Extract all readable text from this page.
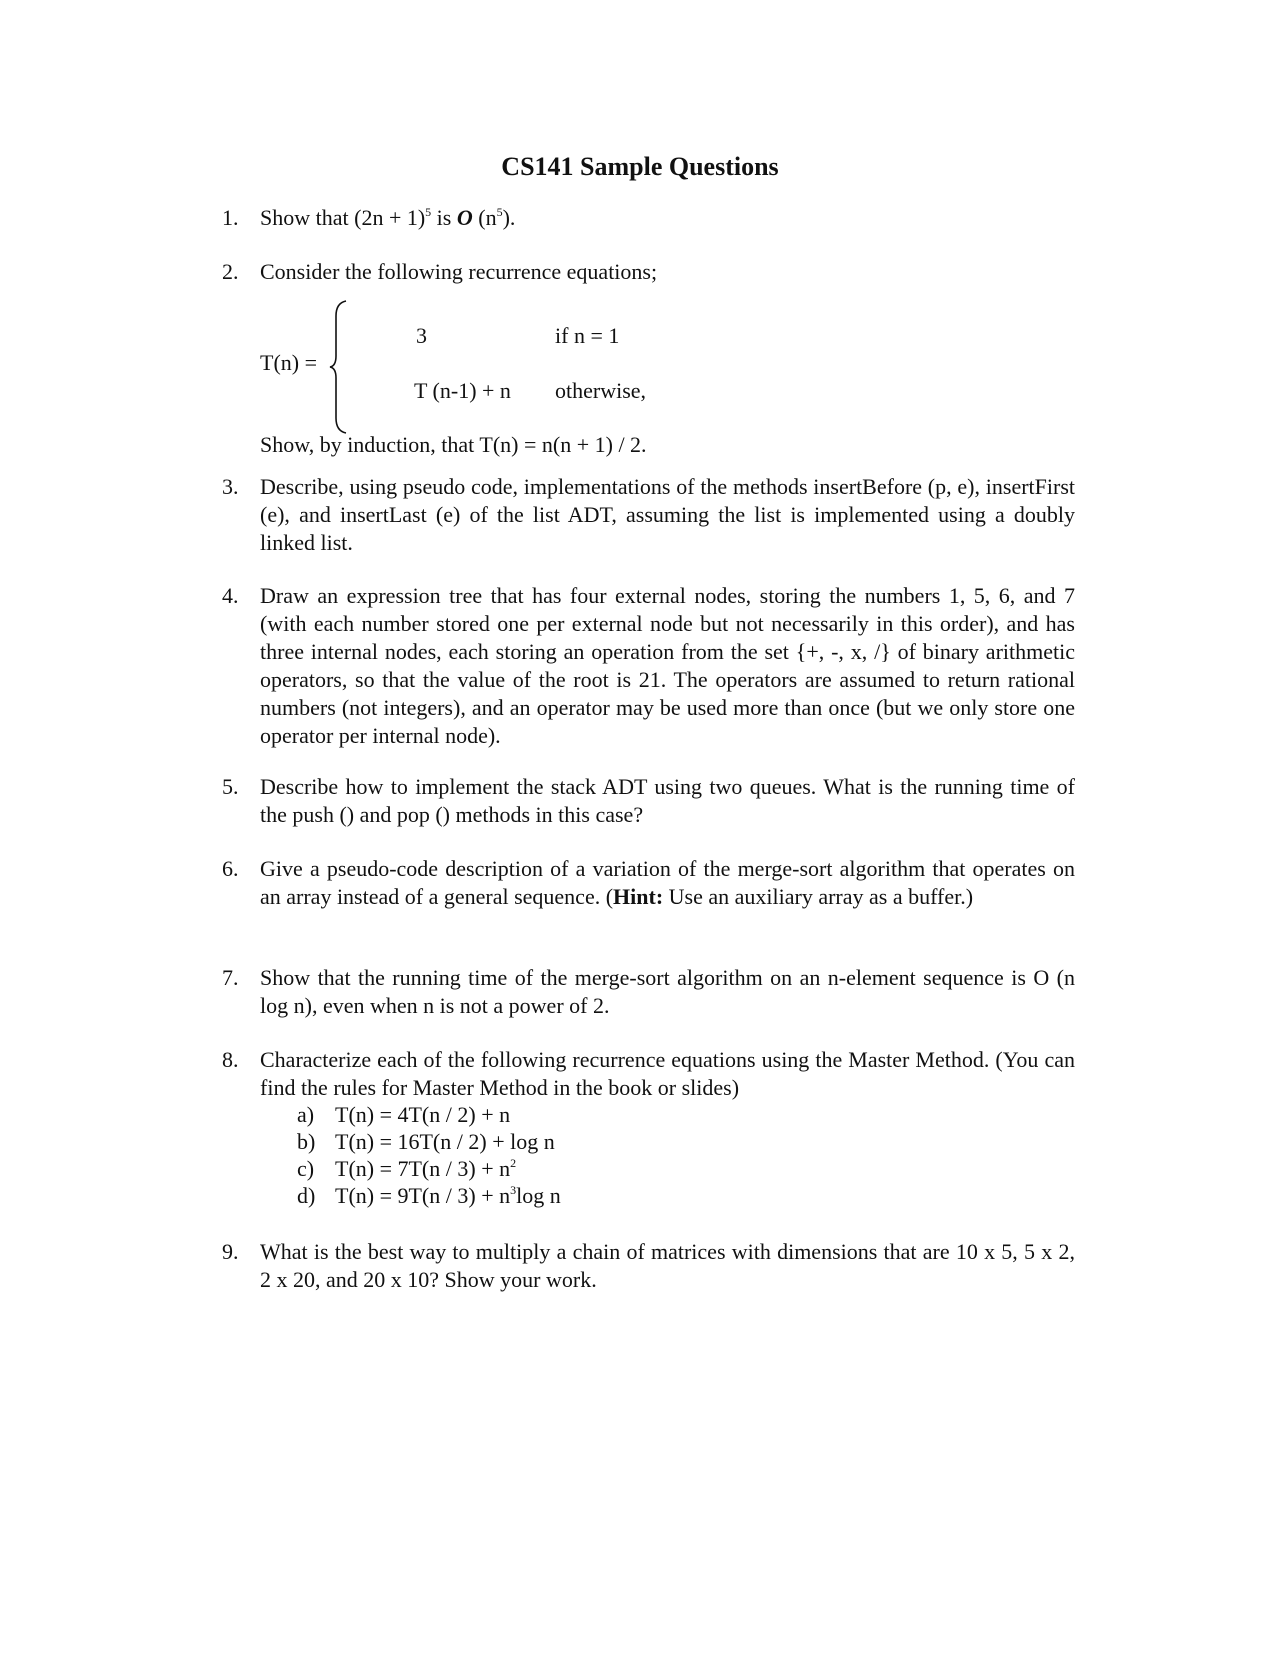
CS141 Sample Questions
1. Show that $(2n + 1)^5$ is O $(n^5)$.
2. Consider the following recurrence equations;
T(n) =
3	if n = 1
T (n-1) + n otherwise,
Show, by induction, that T(n) = n(n + 1) / 2.
3. Describe, using pseudo code, implementations of the methods insertBefore (p, e), insertFirst (e), and insertLast (e) of the list ADT, assuming the list is implemented using a doubly linked list.
4. Draw an expression tree that has four external nodes, storing the numbers 1, 5, 6, and 7 (with each number stored one per external node but not necessarily in this order), and has three internal nodes, each storing an operation from the set {+, -, x, /} of binary arithmetic operators, so that the value of the root is 21. The operators are assumed to return rational numbers (not integers), and an operator may be used more than once (but we only store one operator per internal node).
5. Describe how to implement the stack ADT using two queues. What is the running time of the push () and pop () methods in this case?
6. Give a pseudo-code description of a variation of the merge-sort algorithm that operates on an array instead of a general sequence. (Hint: Use an auxiliary array as a buffer.)
7. Show that the running time of the merge-sort algorithm on an n-element sequence is O (n log n), even when n is not a power of 2.
8. Characterize each of the following recurrence equations using the Master Method. (You can find the rules for Master Method in the book or slides)
a) T(n) = 4T(n / 2) + n
b) T(n) = 16T(n / 2) + log n
c) $T(n) = 7T(n / 3) + n^2$
d) $T(n) = 9T(n / 3) + n^3\log$ n
9. What is the best way to multiply a chain of matrices with dimensions that are 10 x 5, 5 x 2, 2 x 20, and 20 x 10? Show your work.
